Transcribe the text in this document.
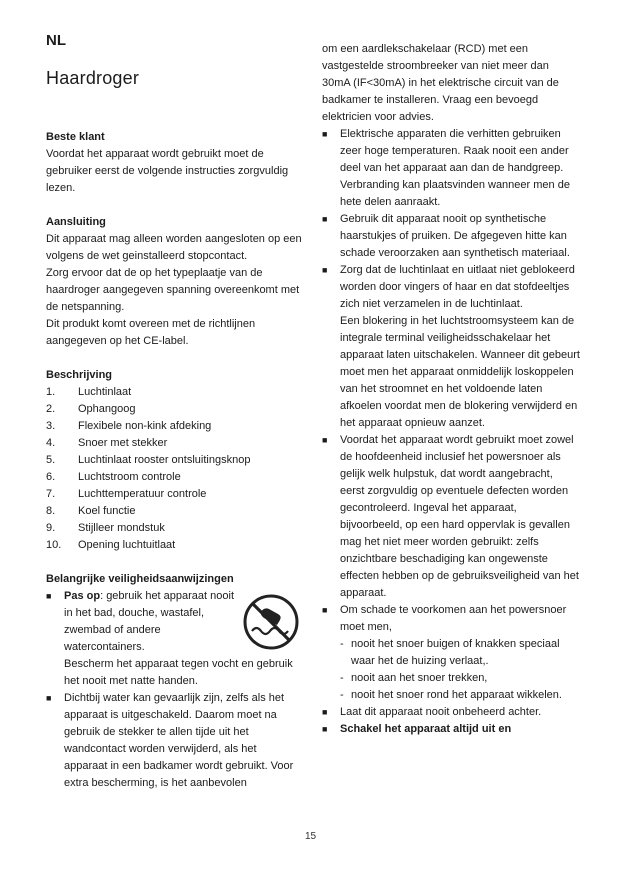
NL
Haardroger
Beste klant

Voordat het apparaat wordt gebruikt moet de gebruiker eerst de volgende instructies zorgvuldig lezen.

Aansluiting

Dit apparaat mag alleen worden aangesloten op een volgens de wet geinstalleerd stopcontact.

Zorg ervoor dat de op het typeplaatje van de haardroger aangegeven spanning overeenkomt met de netspanning.

Dit produkt komt overeen met de richtlijnen aangegeven op het CE-label.

Beschrijving
1.	Luchtinlaat
2.	Ophangoog
3.	Flexibele non-kink afdeking
4.	Snoer met stekker
5.	Luchtinlaat rooster ontsluitingsknop
6.	Luchtstroom controle
7.	Luchttemperatuur controle
8.	Koel functie
9.	Stijlleer mondstuk
10.	Opening luchtuitlaat
Belangrijke veiligheidsaanwijzingen
■	Pas op: gebruik het apparaat nooit in het bad, douche, wastafel, zwembad of andere watercontainers.

Bescherm het apparaat tegen vocht en gebruik het nooit met natte handen.

■	Dichtbij water kan gevaarlijk zijn, zelfs als het apparaat is uitgeschakeld. Daarom moet na gebruik de stekker te allen tijde uit het wandcontact worden verwijderd, als het apparaat in een badkamer wordt gebruikt. Voor extra bescherming, is het aanbevolen

om een aardlekschakelaar (RCD) met een vastgestelde stroombreeker van niet meer dan 30mA (IF<30mA) in het elektrische circuit van de badkamer te installeren. Vraag een bevoegd elektricien voor advies.

■	Elektrische apparaten die verhitten gebruiken zeer hoge temperaturen. Raak nooit een ander deel van het apparaat aan dan de handgreep. Verbranding kan plaatsvinden wanneer men de hete delen aanraakt.

■	Gebruik dit apparaat nooit op synthetische haarstukjes of pruiken. De afgegeven hitte kan schade veroorzaken aan synthetisch materiaal.

■	Zorg dat de luchtinlaat en uitlaat niet geblokeerd worden door vingers of haar en dat stofdeeltjes zich niet verzamelen in de luchtinlaat.

Een blokering in het luchtstroomsysteem kan de integrale terminal veiligheidsschakelaar het apparaat laten uitschakelen. Wanneer dit gebeurt moet men het apparaat onmiddelijk loskoppelen van het stroomnet en het voldoende laten afkoelen voordat men de blokering verwijderd en het apparaat opnieuw aanzet.

■	Voordat het apparaat wordt gebruikt moet zowel de hoofdeenheid inclusief het powersnoer als gelijk welk hulpstuk, dat wordt aangebracht, eerst zorgvuldig op eventuele defecten worden gecontroleerd. Ingeval het apparaat, bijvoorbeeld, op een hard oppervlak is gevallen mag het niet meer worden gebruikt: zelfs onzichtbare beschadiging kan ongewenste effecten hebben op de gebruiksveiligheid van het apparaat.

■	Om schade te voorkomen aan het powersnoer moet men,

- nooit het snoer buigen of knakken speciaal waar het de huizing verlaat,.
- nooit aan het snoer trekken,
- nooit het snoer rond het apparaat wikkelen.
■	Laat dit apparaat nooit onbeheerd achter.

■	Schakel het apparaat altijd uit en

15
